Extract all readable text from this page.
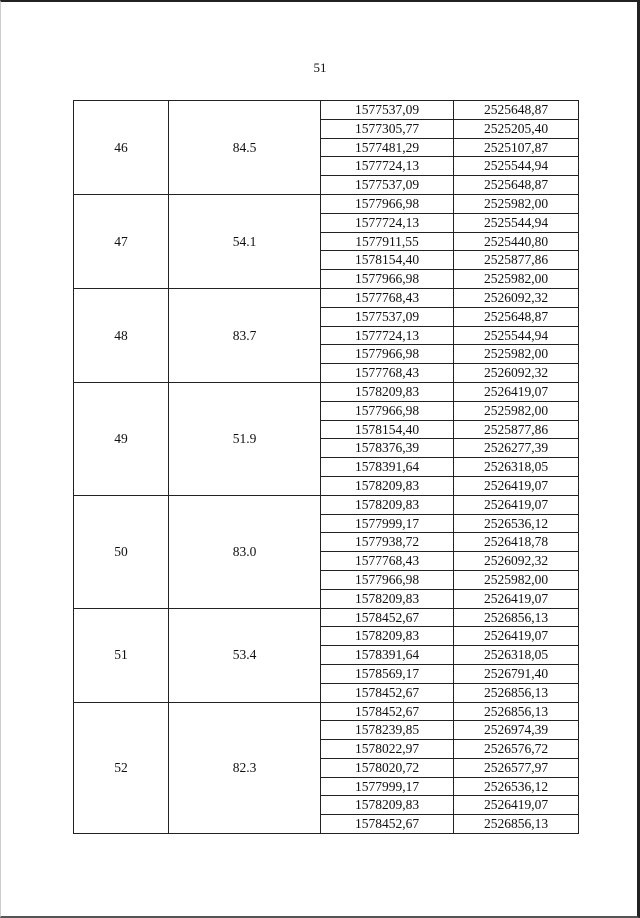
51
46	84.5	1577537,09	2525648,87
		1577305,77	2525205,40
		1577481,29	2525107,87
		1577724,13	2525544,94
		1577537,09	2525648,87
47	54.1	1577966,98	2525982,00
		1577724,13	2525544,94
		1577911,55	2525440,80
		1578154,40	2525877,86
		1577966,98	2525982,00
48	83.7	1577768,43	2526092,32
		1577537,09	2525648,87
		1577724,13	2525544,94
		1577966,98	2525982,00
		1577768,43	2526092,32
49	51.9	1578209,83	2526419,07
		1577966,98	2525982,00
		1578154,40	2525877,86
		1578376,39	2526277,39
		1578391,64	2526318,05
		1578209,83	2526419,07
50	83.0	1578209,83	2526419,07
		1577999,17	2526536,12
		1577938,72	2526418,78
		1577768,43	2526092,32
		1577966,98	2525982,00
		1578209,83	2526419,07
51	53.4	1578452,67	2526856,13
		1578209,83	2526419,07
		1578391,64	2526318,05
		1578569,17	2526791,40
		1578452,67	2526856,13
52	82.3	1578452,67	2526856,13
		1578239,85	2526974,39
		1578022,97	2526576,72
		1578020,72	2526577,97
		1577999,17	2526536,12
		1578209,83	2526419,07
		1578452,67	2526856,13
